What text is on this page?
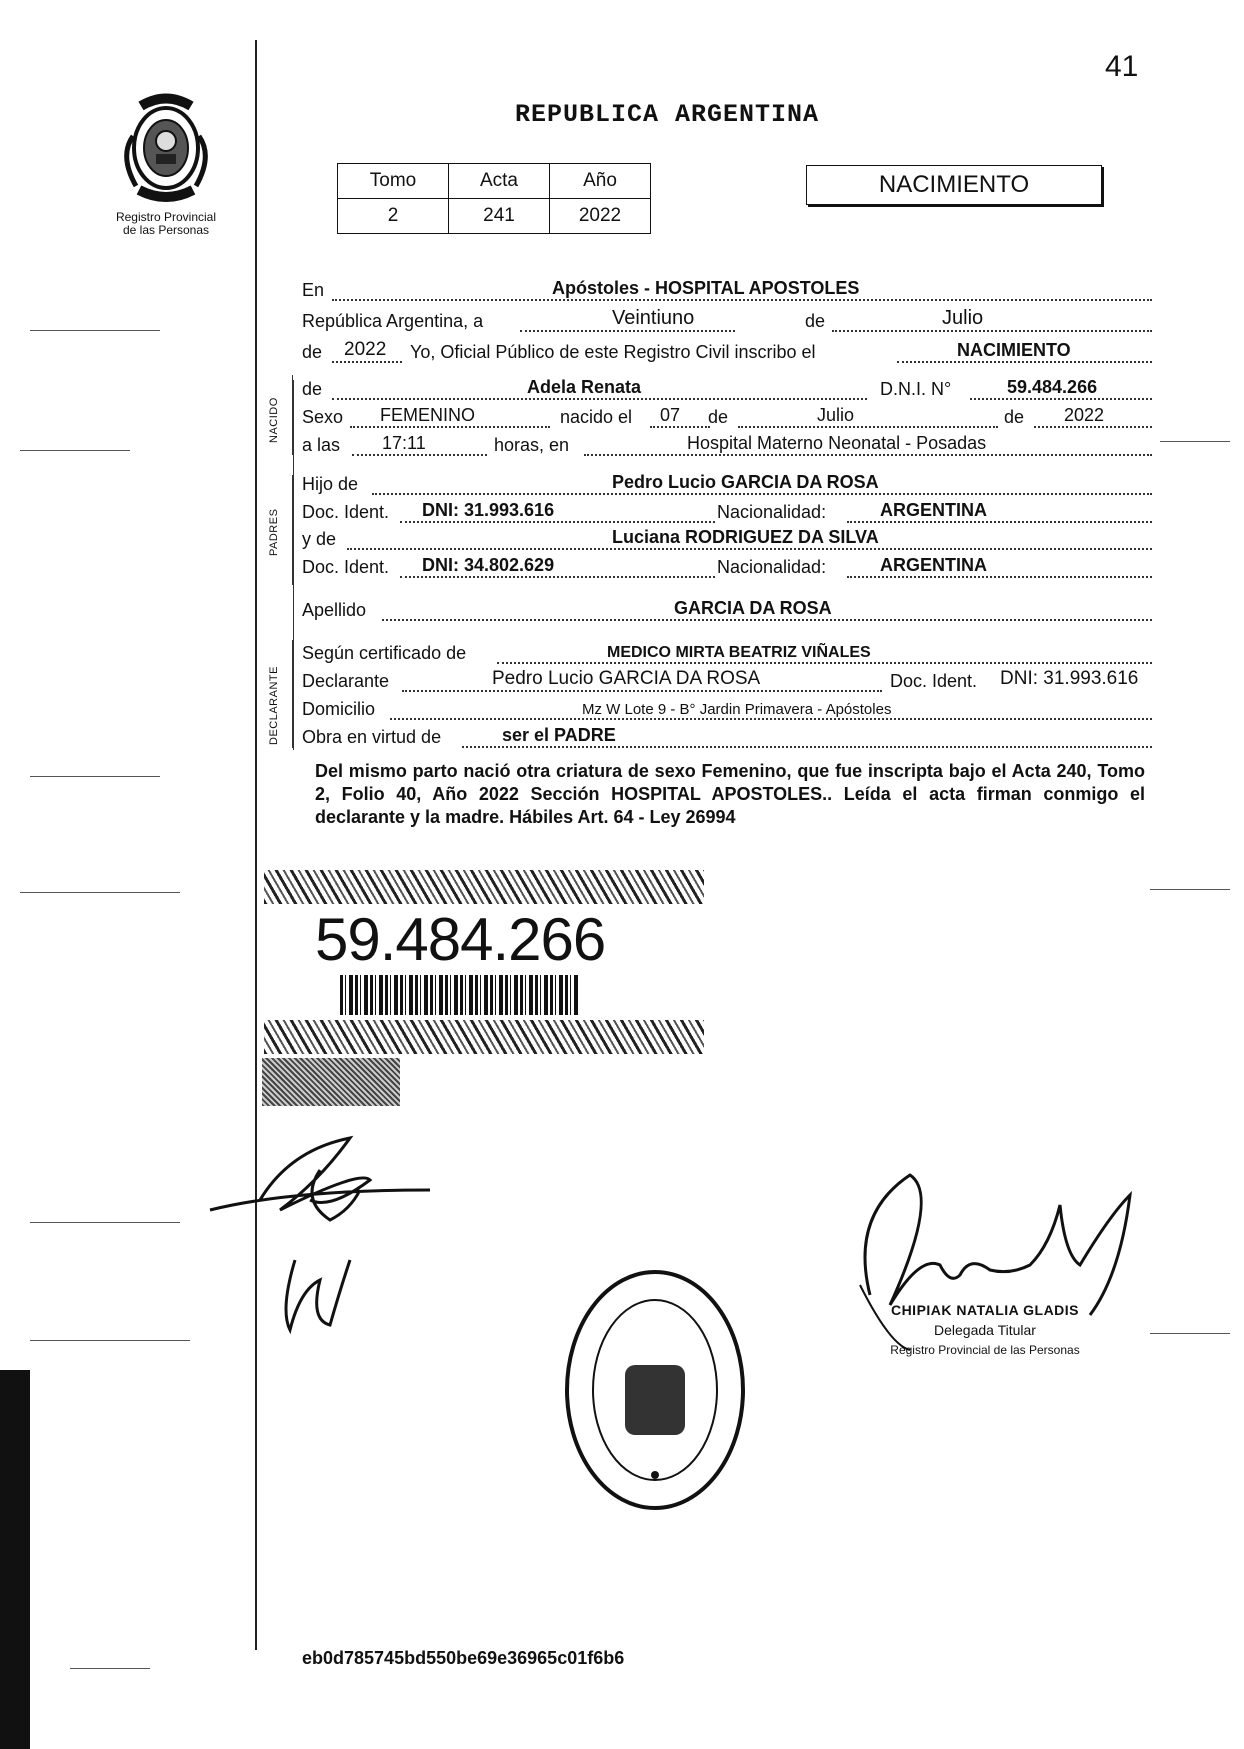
41
Registro Provincial
de las Personas
REPUBLICA ARGENTINA
Tomo	Acta	Año
2	241	2022
NACIMIENTO
NACIDO
PADRES
DECLARANTE
En	Apóstoles - HOSPITAL APOSTOLES
República Argentina, a	Veintiuno	de	Julio
de 2022 Yo, Oficial Público de este Registro Civil inscribo el	NACIMIENTO
de	Adela Renata	D.N.I. N°	59.484.266
Sexo FEMENINO	nacido el 07 de	Julio	de 2022
a las 17:11	horas, en	Hospital Materno Neonatal - Posadas
Hijo de	Pedro Lucio GARCIA DA ROSA
Doc. Ident. DNI: 31.993.616	Nacionalidad:	ARGENTINA
y de	Luciana RODRIGUEZ DA SILVA
Doc. Ident. DNI: 34.802.629	Nacionalidad:	ARGENTINA
Apellido	GARCIA DA ROSA
Según certificado de	MEDICO MIRTA BEATRIZ VIÑALES
Declarante	Pedro Lucio GARCIA DA ROSA	Doc. Ident. DNI: 31.993.616
Domicilio	Mz W Lote 9 - B° Jardin Primavera - Apóstoles
Obra en virtud de	ser el PADRE
Del mismo parto nació otra criatura de sexo Femenino, que fue inscripta bajo el Acta 240, Tomo 2, Folio 40, Año 2022 Sección HOSPITAL APOSTOLES.. Leída el acta firman conmigo el declarante y la madre. Hábiles Art. 64 - Ley 26994
59.484.266
CHIPIAK NATALIA GLADIS
Delegada Titular
Registro Provincial de las Personas
eb0d785745bd550be69e36965c01f6b6
